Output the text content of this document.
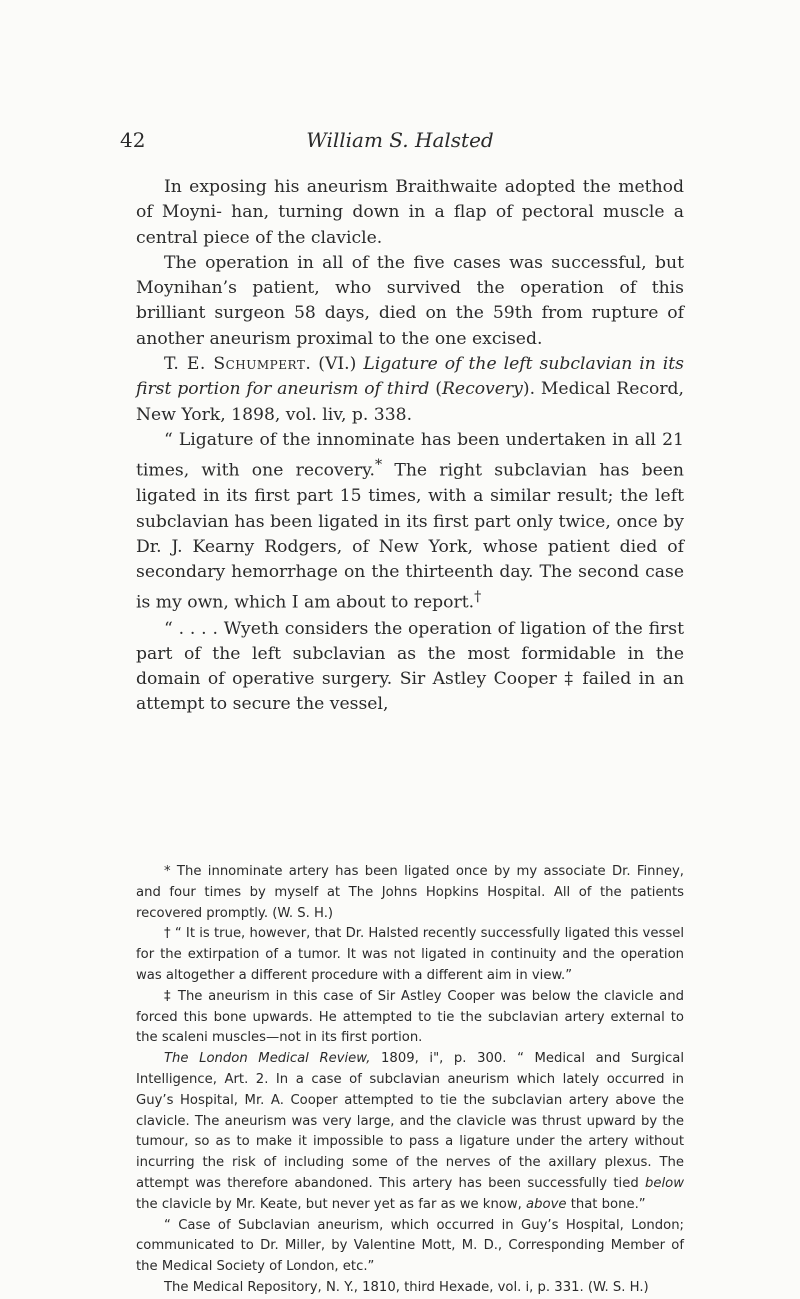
42	William S. Halsted

In exposing his aneurism Braithwaite adopted the method of Moyni- han, turning down in a flap of pectoral muscle a central piece of the clavicle.

The operation in all of the five cases was successful, but Moynihan’s patient, who survived the operation of this brilliant surgeon 58 days, died on the 59th from rupture of another aneurism proximal to the one excised.

T. E. Schumpert. (VI.) Ligature of the left subclavian in its first portion for aneurism of third (Recovery). Medical Record, New York, 1898, vol. liv, p. 338.

“ Ligature of the innominate has been undertaken in all 21 times, with one recovery.* The right subclavian has been ligated in its first part 15 times, with a similar result; the left subclavian has been ligated in its first part only twice, once by Dr. J. Kearny Rodgers, of New York, whose patient died of secondary hemorrhage on the thirteenth day. The second case is my own, which I am about to report.†

“ . . . . Wyeth considers the operation of ligation of the first part of the left subclavian as the most formidable in the domain of operative surgery. Sir Astley Cooper ‡ failed in an attempt to secure the vessel,

* The innominate artery has been ligated once by my associate Dr. Finney, and four times by myself at The Johns Hopkins Hospital. All of the patients recovered promptly. (W. S. H.)

† “ It is true, however, that Dr. Halsted recently successfully ligated this vessel for the extirpation of a tumor. It was not ligated in continuity and the operation was altogether a different procedure with a different aim in view.”

‡ The aneurism in this case of Sir Astley Cooper was below the clavicle and forced this bone upwards. He attempted to tie the subclavian artery external to the scaleni muscles—not in its first portion.

The London Medical Review, 1809, i", p. 300. “ Medical and Surgical Intelligence, Art. 2. In a case of subclavian aneurism which lately occurred in Guy’s Hospital, Mr. A. Cooper attempted to tie the subclavian artery above the clavicle. The aneurism was very large, and the clavicle was thrust upward by the tumour, so as to make it impossible to pass a ligature under the artery without incurring the risk of including some of the nerves of the axillary plexus. The attempt was therefore abandoned. This artery has been successfully tied below the clavicle by Mr. Keate, but never yet as far as we know, above that bone.”

“ Case of Subclavian aneurism, which occurred in Guy’s Hospital, London; communicated to Dr. Miller, by Valentine Mott, M. D., Corresponding Member of the Medical Society of London, etc.”

The Medical Repository, N. Y., 1810, third Hexade, vol. i, p. 331. (W. S. H.)
